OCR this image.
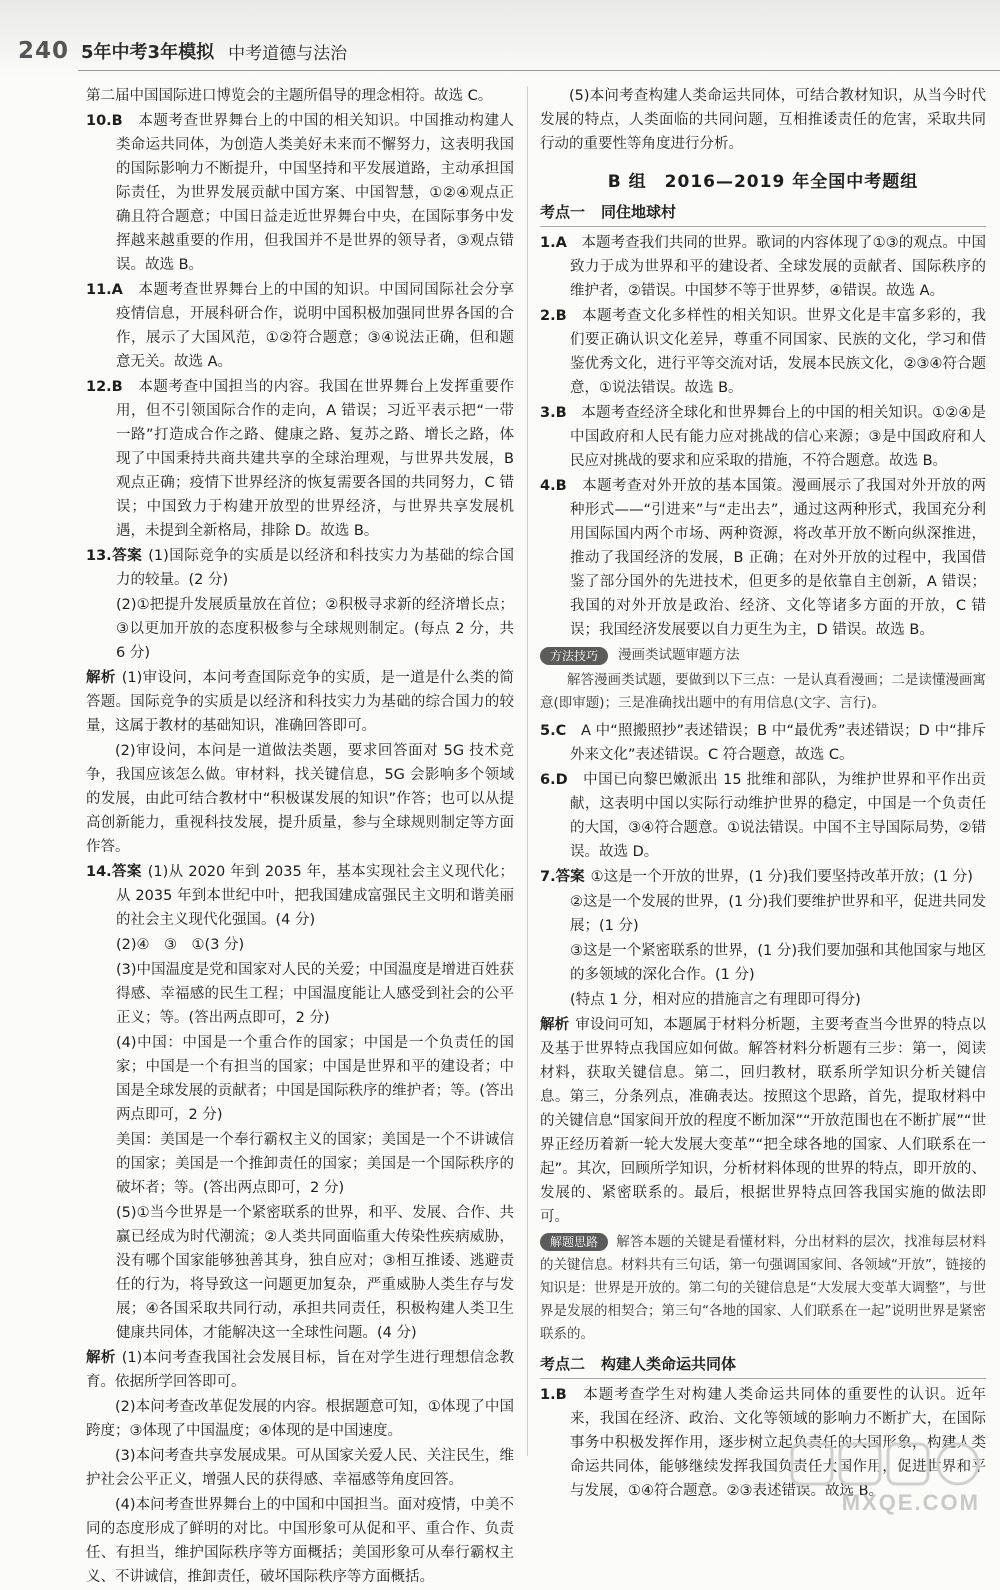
240 5年中考3年模拟 中考道德与法治

第二届中国国际进口博览会的主题所倡导的理念相符。故选 C。

10.B　 本题考查世界舞台上的中国的相关知识。中国推动构建人类命运共同体，为创造人类美好未来而不懈努力，这表明我国的国际影响力不断提升，中国坚持和平发展道路，主动承担国际责任，为世界发展贡献中国方案、中国智慧，①②④观点正确且符合题意；中国日益走近世界舞台中央，在国际事务中发挥越来越重要的作用，但我国并不是世界的领导者，③观点错误。故选 B。

11.A　 本题考查世界舞台上的中国的知识。中国同国际社会分享疫情信息，开展科研合作，说明中国积极加强同世界各国的合作，展示了大国风范，①②符合题意；③④说法正确，但和题意无关。故选 A。

12.B　 本题考查中国担当的内容。我国在世界舞台上发挥重要作用，但不引领国际合作的走向，A 错误；习近平表示把“一带一路”打造成合作之路、健康之路、复苏之路、增长之路，体现了中国秉持共商共建共享的全球治理观，与世界共发展，B 观点正确；疫情下世界经济的恢复需要各国的共同努力，C 错误；中国致力于构建开放型的世界经济，与世界共享发展机遇，未提到全新格局，排除 D。故选 B。

13.答案 (1)国际竞争的实质是以经济和科技实力为基础的综合国力的较量。(2 分)

(2)①把提升发展质量放在首位；②积极寻求新的经济增长点；③以更加开放的态度积极参与全球规则制定。(每点 2 分，共 6 分)

解析 (1)审设问，本问考查国际竞争的实质，是一道是什么类的简答题。国际竞争的实质是以经济和科技实力为基础的综合国力的较量，这属于教材的基础知识，准确回答即可。

(2)审设问，本问是一道做法类题，要求回答面对 5G 技术竞争，我国应该怎么做。审材料，找关键信息，5G 会影响多个领域的发展，由此可结合教材中“积极谋发展的知识”作答；也可以从提高创新能力，重视科技发展，提升质量，参与全球规则制定等方面作答。

14.答案 (1)从 2020 年到 2035 年，基本实现社会主义现代化；从 2035 年到本世纪中叶，把我国建成富强民主文明和谐美丽的社会主义现代化强国。(4 分)

(2)④　③　①(3 分)

(3)中国温度是党和国家对人民的关爱；中国温度是增进百姓获得感、幸福感的民生工程；中国温度能让人感受到社会的公平正义；等。(答出两点即可，2 分)

(4)中国：中国是一个重合作的国家；中国是一个负责任的国家；中国是一个有担当的国家；中国是世界和平的建设者；中国是全球发展的贡献者；中国是国际秩序的维护者；等。(答出两点即可，2 分)

美国：美国是一个奉行霸权主义的国家；美国是一个不讲诚信的国家；美国是一个推卸责任的国家；美国是一个国际秩序的破坏者；等。(答出两点即可，2 分)

(5)①当今世界是一个紧密联系的世界，和平、发展、合作、共赢已经成为时代潮流；②人类共同面临重大传染性疾病威胁，没有哪个国家能够独善其身，独自应对；③相互推诿、逃避责任的行为，将导致这一问题更加复杂，严重威胁人类生存与发展；④各国采取共同行动，承担共同责任，积极构建人类卫生健康共同体，才能解决这一全球性问题。(4 分)

解析 (1)本问考查我国社会发展目标，旨在对学生进行理想信念教育。依据所学回答即可。

(2)本问考查改革促发展的内容。根据题意可知，①体现了中国跨度；③体现了中国温度；④体现的是中国速度。

(3)本问考查共享发展成果。可从国家关爱人民、关注民生，维护社会公平正义，增强人民的获得感、幸福感等角度回答。

(4)本问考查世界舞台上的中国和中国担当。面对疫情，中美不同的态度形成了鲜明的对比。中国形象可从促和平、重合作、负责任、有担当，维护国际秩序等方面概括；美国形象可从奉行霸权主义、不讲诚信，推卸责任，破坏国际秩序等方面概括。

(5)本问考查构建人类命运共同体，可结合教材知识，从当今时代发展的特点，人类面临的共同问题，互相推诿责任的危害，采取共同行动的重要性等角度进行分析。

B 组　2016—2019 年全国中考题组
考点一 同住地球村

1.A　 本题考查我们共同的世界。歌词的内容体现了①③的观点。中国致力于成为世界和平的建设者、全球发展的贡献者、国际秩序的维护者，②错误。中国梦不等于世界梦，④错误。故选 A。

2.B　 本题考查文化多样性的相关知识。世界文化是丰富多彩的，我们要正确认识文化差异，尊重不同国家、民族的文化，学习和借鉴优秀文化，进行平等交流对话，发展本民族文化，②③④符合题意，①说法错误。故选 B。

3.B　 本题考查经济全球化和世界舞台上的中国的相关知识。①②④是中国政府和人民有能力应对挑战的信心来源；③是中国政府和人民应对挑战的要求和应采取的措施，不符合题意。故选 B。

4.B　 本题考查对外开放的基本国策。漫画展示了我国对外开放的两种形式——“引进来”与“走出去”，通过这两种形式，我国充分利用国际国内两个市场、两种资源，将改革开放不断向纵深推进，推动了我国经济的发展，B 正确；在对外开放的过程中，我国借鉴了部分国外的先进技术，但更多的是依靠自主创新，A 错误；我国的对外开放是政治、经济、文化等诸多方面的开放，C 错误；我国经济发展要以自力更生为主，D 错误。故选 B。

方法技巧	漫画类试题审题方法
解答漫画类试题，要做到以下三点：一是认真看漫画；二是读懂漫画寓意(即审题)；三是准确找出题中的有用信息(文字、言行)。

5.C　 A 中“照搬照抄”表述错误；B 中“最优秀”表述错误；D 中“排斥外来文化”表述错误。C 符合题意，故选 C。

6.D　 中国已向黎巴嫩派出 15 批维和部队，为维护世界和平作出贡献，这表明中国以实际行动维护世界的稳定，中国是一个负责任的大国，③④符合题意。①说法错误。中国不主导国际局势，②错误。故选 D。

7.答案 ①这是一个开放的世界，(1 分)我们要坚持改革开放；(1 分)

②这是一个发展的世界，(1 分)我们要维护世界和平，促进共同发展；(1 分)

③这是一个紧密联系的世界，(1 分)我们要加强和其他国家与地区的多领域的深化合作。(1 分)

(特点 1 分，相对应的措施言之有理即可得分)

解析 审设问可知，本题属于材料分析题，主要考查当今世界的特点以及基于世界特点我国应如何做。解答材料分析题有三步：第一，阅读材料，获取关键信息。第二，回归教材，联系所学知识分析关键信息。第三，分条列点，准确表达。按照这个思路，首先，提取材料中的关键信息“国家间开放的程度不断加深”“开放范围也在不断扩展”“世界正经历着新一轮大发展大变革”“把全球各地的国家、人们联系在一起”。其次，回顾所学知识，分析材料体现的世界的特点，即开放的、发展的、紧密联系的。最后，根据世界特点回答我国实施的做法即可。

解题思路 解答本题的关键是看懂材料，分出材料的层次，找准每层材料的关键信息。材料共有三句话，第一句强调国家间、各领域“开放”，链接的知识是：世界是开放的。第二句的关键信息是“大发展大变革大调整”，与世界是发展的相契合；第三句“各地的国家、人们联系在一起”说明世界是紧密联系的。

考点二 构建人类命运共同体

1.B　 本题考查学生对构建人类命运共同体的重要性的认识。近年来，我国在经济、政治、文化等领域的影响力不断扩大，在国际事务中积极发挥作用，逐步树立起负责任的大国形象，构建人类命运共同体，能够继续发挥我国负责任大国作用，促进世界和平与发展，①④符合题意。②③表述错误。故选 B。

MXQE.COM
